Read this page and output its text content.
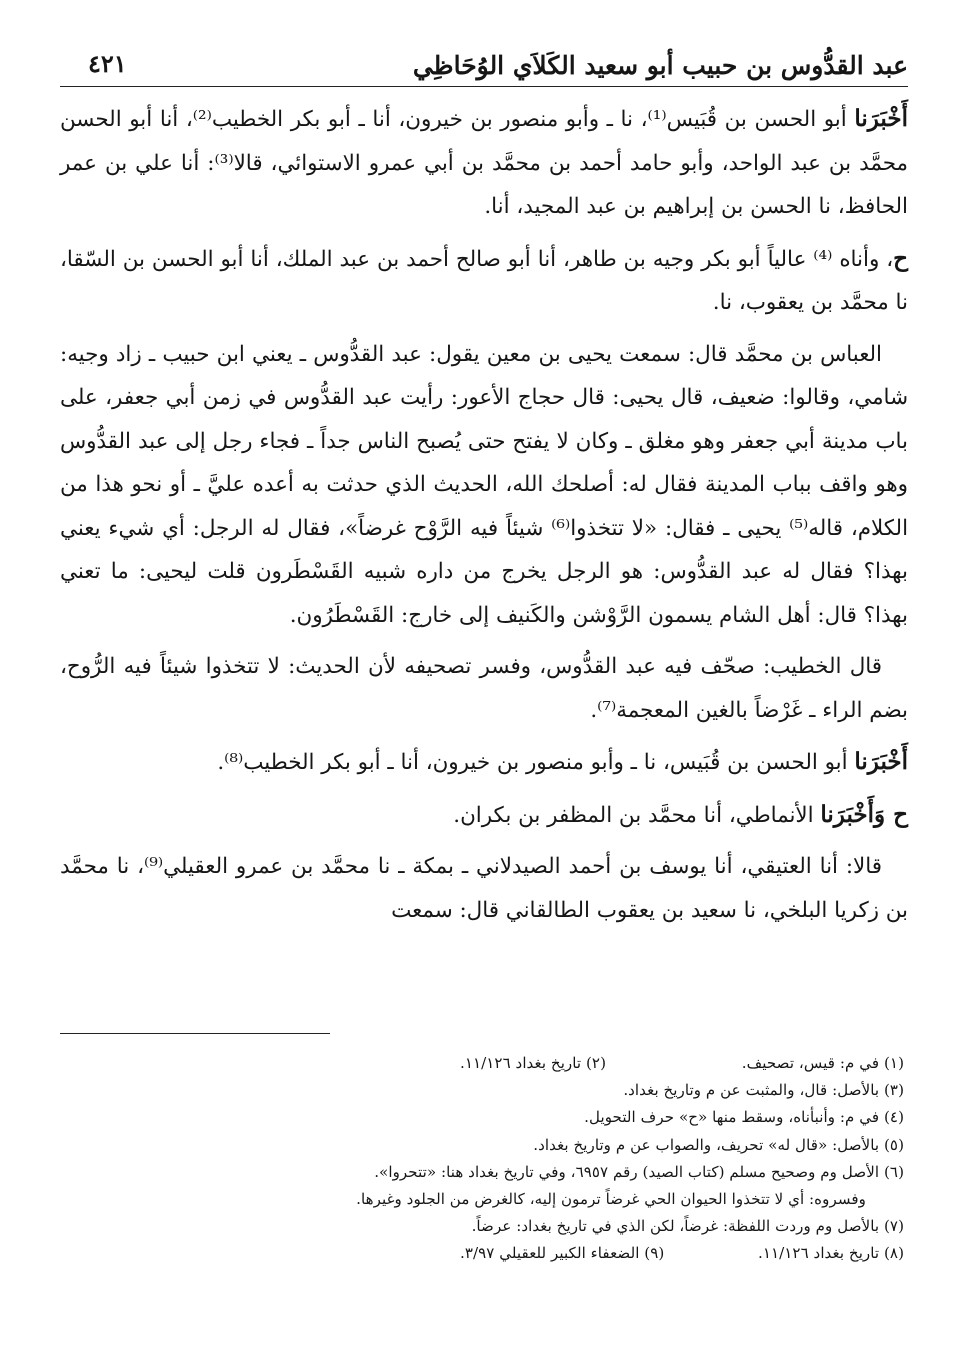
عبد القدُّوس بن حبيب أبو سعيد الكَلاَي الوُحَاظِي
٤٢١

أَخْبَرَنا أبو الحسن بن قُبَيس⁽¹⁾، نا ـ وأبو منصور بن خيرون، أنا ـ أبو بكر الخطيب⁽²⁾، أنا أبو الحسن محمَّد بن عبد الواحد، وأبو حامد أحمد بن محمَّد بن أبي عمرو الاستوائي، قالا⁽³⁾: أنا علي بن عمر الحافظ، نا الحسن بن إبراهيم بن عبد المجيد، أنا.

ح، وأناه ⁽⁴⁾ عالياً أبو بكر وجيه بن طاهر، أنا أبو صالح أحمد بن عبد الملك، أنا أبو الحسن بن السّقا، نا محمَّد بن يعقوب، نا.

العباس بن محمَّد قال: سمعت يحيى بن معين يقول: عبد القدُّوس ـ يعني ابن حبيب ـ زاد وجيه: شامي، وقالوا: ضعيف، قال يحيى: قال حجاج الأعور: رأيت عبد القدُّوس في زمن أبي جعفر، على باب مدينة أبي جعفر وهو مغلق ـ وكان لا يفتح حتى يُصبح الناس جداً ـ فجاء رجل إلى عبد القدُّوس وهو واقف بباب المدينة فقال له: أصلحك الله، الحديث الذي حدثت به أعده عليَّ ـ أو نحو هذا من الكلام، قاله⁽⁵⁾ يحيى ـ فقال: «لا تتخذوا⁽⁶⁾ شيئاً فيه الرَّوْح غرضاً»، فقال له الرجل: أي شيء يعني بهذا؟ فقال له عبد القدُّوس: هو الرجل يخرج من داره شبيه القَسْطَرون قلت ليحيى: ما تعني بهذا؟ قال: أهل الشام يسمون الرَّوْشن والكَنيف إلى خارج: القَسْطَرُون.

قال الخطيب: صحّف فيه عبد القدُّوس، وفسر تصحيفه لأن الحديث: لا تتخذوا شيئاً فيه الرُّوح، بضم الراء ـ غَرْضاً بالغين المعجمة⁽⁷⁾.

أَخْبَرَنا أبو الحسن بن قُبَيس، نا ـ وأبو منصور بن خيرون، أنا ـ أبو بكر الخطيب⁽⁸⁾.

ح وَأَخْبَرَنا الأنماطي، أنا محمَّد بن المظفر بن بكران.

قالا: أنا العتيقي، أنا يوسف بن أحمد الصيدلاني ـ بمكة ـ نا محمَّد بن عمرو العقيلي⁽⁹⁾، نا محمَّد بن زكريا البلخي، نا سعيد بن يعقوب الطالقاني قال: سمعت

(١) في م: قيس، تصحيف.
(٢) تاريخ بغداد ١١/١٢٦.
(٣) بالأصل: قال، والمثبت عن م وتاريخ بغداد.
(٤) في م: وأنبأناه، وسقط منها «ح» حرف التحويل.
(٥) بالأصل: «قال له» تحريف، والصواب عن م وتاريخ بغداد.
(٦) الأصل وم وصحيح مسلم (كتاب الصيد) رقم ٦٩٥٧، وفي تاريخ بغداد هنا: «تتحروا».
وفسروه: أي لا تتخذوا الحيوان الحي غرضاً ترمون إليه، كالغرض من الجلود وغيرها.
(٧) بالأصل وم وردت اللفظة: غرضاً، لكن الذي في تاريخ بغداد: عرضاً.
(٨) تاريخ بغداد ١١/١٢٦.
(٩) الضعفاء الكبير للعقيلي ٣/٩٧.
